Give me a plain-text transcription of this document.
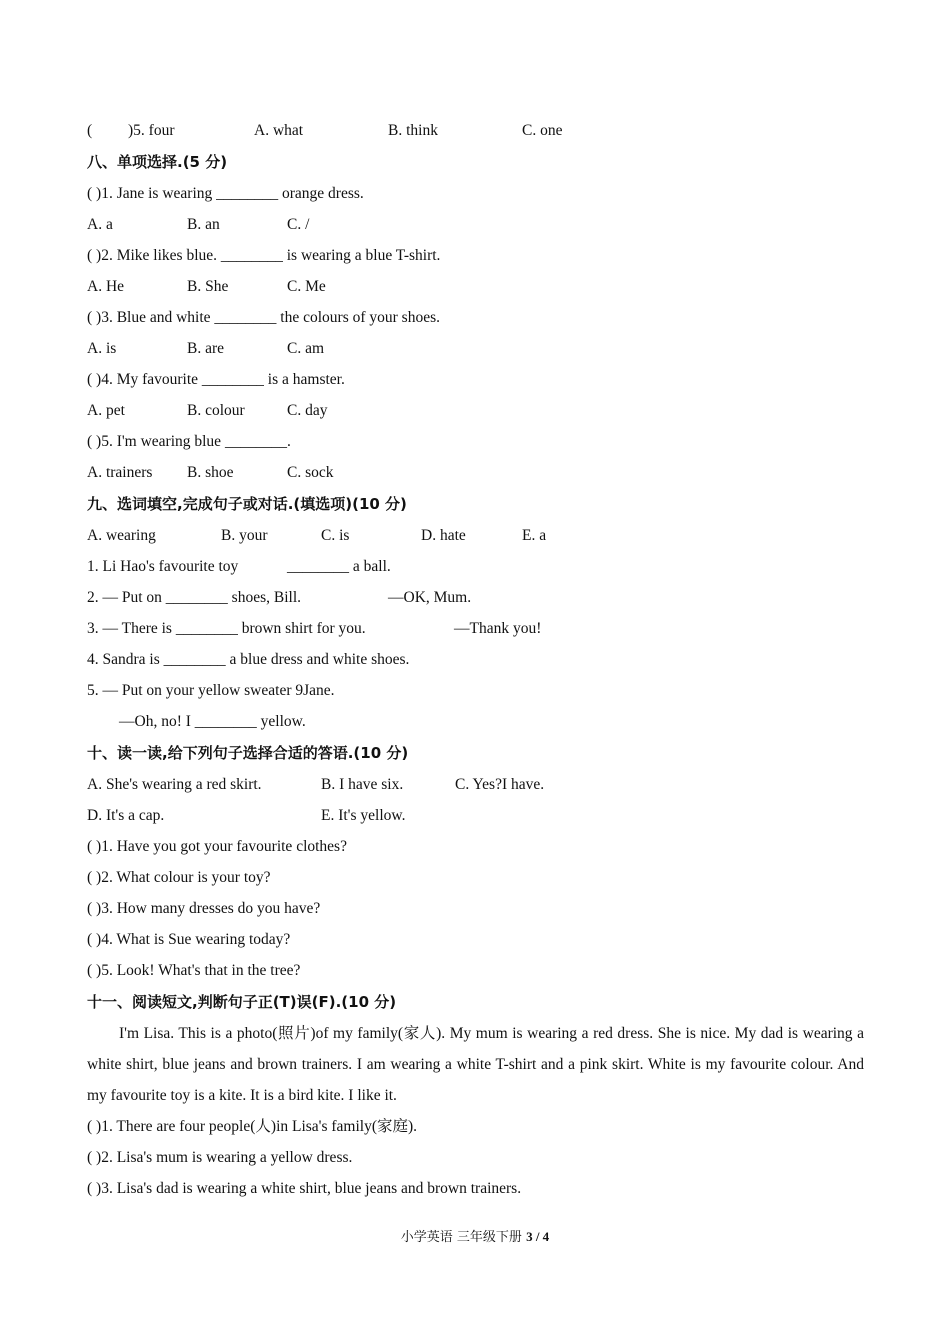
( )5. four	A. what	B. think	C. one
八、单项选择.(5 分)
( )1. Jane is wearing ________ orange dress.
A. a	B. an	C. /
( )2. Mike likes blue. ________ is wearing a blue T-shirt.
A. He	B. She	C. Me
( )3. Blue and white ________ the colours of your shoes.
A. is	B. are	C. am
( )4. My favourite ________ is a hamster.
A. pet	B. colour	C. day
( )5. I'm wearing blue ________.
A. trainers B. shoe	C. sock
九、选词填空,完成句子或对话.(填选项)(10 分)
A. wearing	B. your	C. is	D. hate	E. a
1. Li Hao's favourite toy	________ a ball.
2. — Put on ________ shoes, Bill.	—OK, Mum.
3. — There is ________ brown shirt for you.	—Thank you!
4. Sandra is ________ a blue dress and white shoes.
5. — Put on your yellow sweater 9Jane.
—Oh, no! I ________ yellow.
十、读一读,给下列句子选择合适的答语.(10 分)
A. She's wearing a red skirt.	B. I have six.	C. Yes?I have.
D. It's a cap.	E. It's yellow.
( )1. Have you got your favourite clothes?
( )2. What colour is your toy?
( )3. How many dresses do you have?
( )4. What is Sue wearing today?
( )5. Look! What's that in the tree?
十一、阅读短文,判断句子正(T)误(F).(10 分)
I'm Lisa. This is a photo(照片)of my family(家人). My mum is wearing a red dress. She is nice. My dad is wearing a white shirt, blue jeans and brown trainers. I am wearing a white T-shirt and a pink skirt. White is my favourite colour. And my favourite toy is a kite. It is a bird kite. I like it.
( )1. There are four people(人)in Lisa's family(家庭).
( )2. Lisa's mum is wearing a yellow dress.
( )3. Lisa's dad is wearing a white shirt, blue jeans and brown trainers.
小学英语 三年级下册 3 / 4
